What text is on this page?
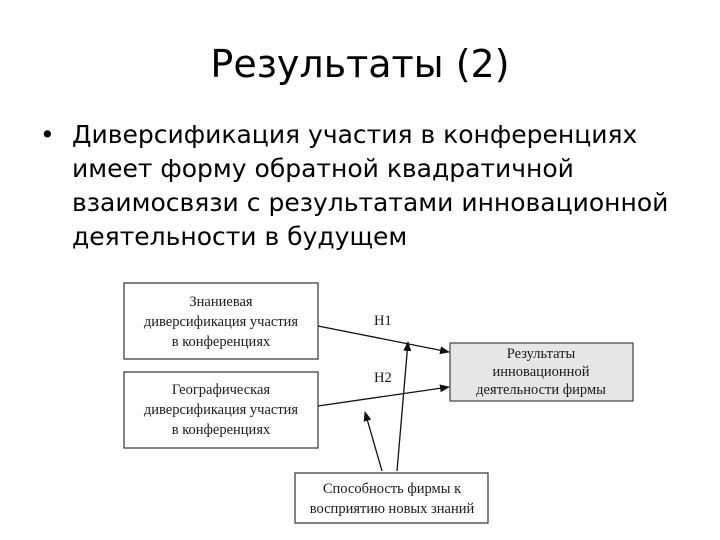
Результаты (2)
• Диверсификация участия в конференциях имеет форму обратной квадратичной взаимосвязи с результатами инновационной деятельности в будущем
Знаниевая
диверсификация участия
в конференциях
Географическая
диверсификация участия
в конференциях
Результаты
инновационной
деятельности фирмы
Способность фирмы к
восприятию новых знаний
Н1
Н2
